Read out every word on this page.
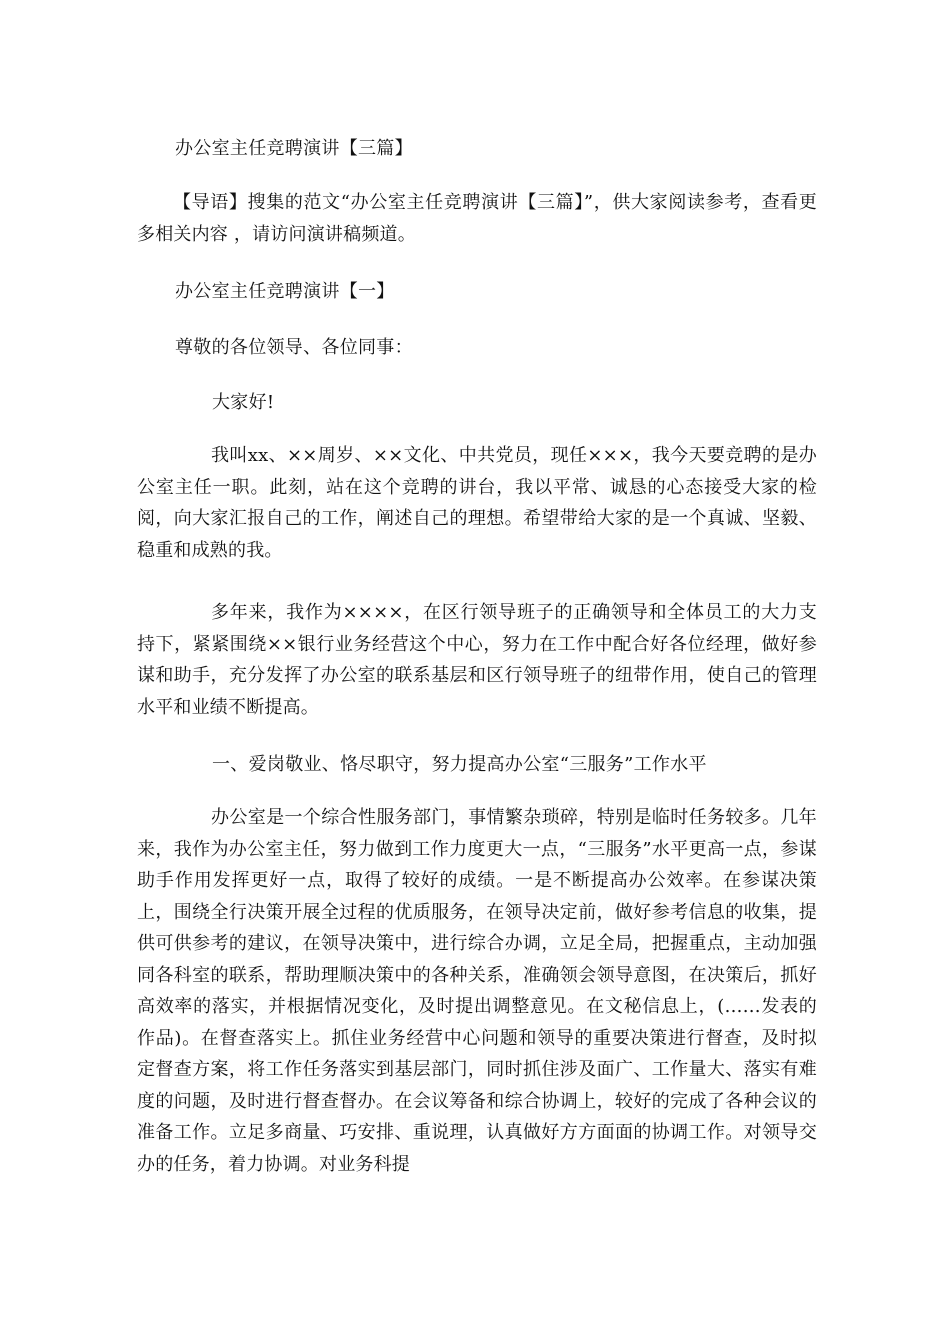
办公室主任竞聘演讲【三篇】
【导语】搜集的范文“办公室主任竞聘演讲【三篇】”，供大家阅读参考，查看更多相关内容 ，请访问演讲稿频道。
办公室主任竞聘演讲【一】
尊敬的各位领导、各位同事：
大家好!
我叫xx、××周岁、××文化、中共党员，现任×××，我今天要竞聘的是办公室主任一职。此刻，站在这个竞聘的讲台，我以平常、诚恳的心态接受大家的检阅，向大家汇报自己的工作，阐述自己的理想。希望带给大家的是一个真诚、坚毅、稳重和成熟的我。
多年来，我作为××××，在区行领导班子的正确领导和全体员工的大力支持下，紧紧围绕××银行业务经营这个中心，努力在工作中配合好各位经理，做好参谋和助手，充分发挥了办公室的联系基层和区行领导班子的纽带作用，使自己的管理水平和业绩不断提高。
一、爱岗敬业、恪尽职守，努力提高办公室“三服务”工作水平
办公室是一个综合性服务部门，事情繁杂琐碎，特别是临时任务较多。几年来，我作为办公室主任，努力做到工作力度更大一点，“三服务”水平更高一点，参谋助手作用发挥更好一点，取得了较好的成绩。一是不断提高办公效率。在参谋决策上，围绕全行决策开展全过程的优质服务，在领导决定前，做好参考信息的收集，提供可供参考的建议，在领导决策中，进行综合办调，立足全局，把握重点，主动加强同各科室的联系，帮助理顺决策中的各种关系，准确领会领导意图，在决策后，抓好高效率的落实，并根据情况变化，及时提出调整意见。在文秘信息上，(……发表的作品)。在督查落实上。抓住业务经营中心问题和领导的重要决策进行督查，及时拟定督查方案，将工作任务落实到基层部门，同时抓住涉及面广、工作量大、落实有难度的问题，及时进行督查督办。在会议筹备和综合协调上，较好的完成了各种会议的准备工作。立足多商量、巧安排、重说理，认真做好方方面面的协调工作。对领导交办的任务，着力协调。对业务科提
